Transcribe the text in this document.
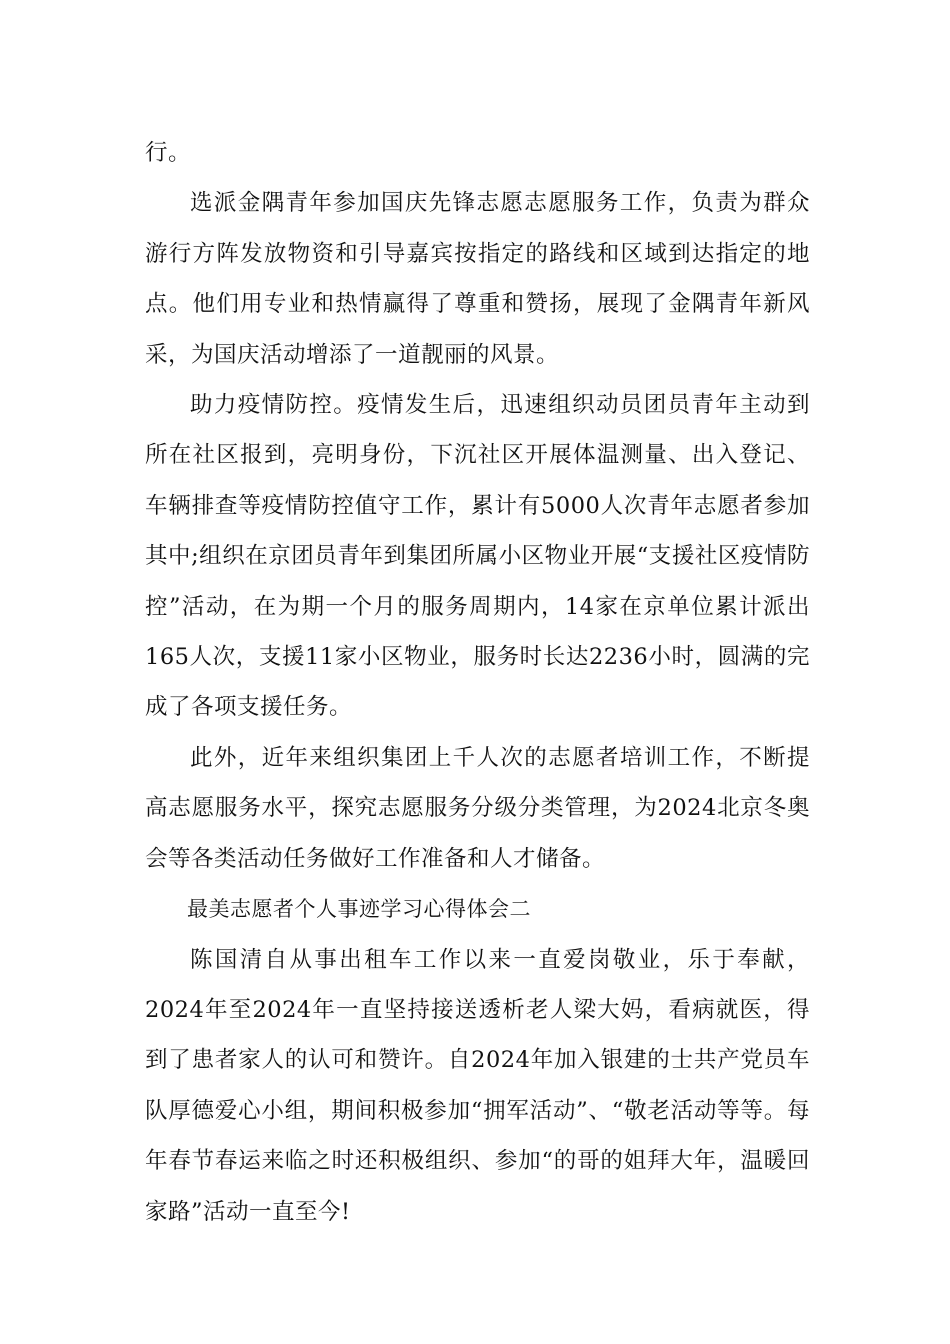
行。

选派金隅青年参加国庆先锋志愿志愿服务工作，负责为群众游行方阵发放物资和引导嘉宾按指定的路线和区域到达指定的地点。他们用专业和热情赢得了尊重和赞扬，展现了金隅青年新风采，为国庆活动增添了一道靓丽的风景。

助力疫情防控。疫情发生后，迅速组织动员团员青年主动到所在社区报到，亮明身份，下沉社区开展体温测量、出入登记、车辆排查等疫情防控值守工作，累计有5000人次青年志愿者参加其中;组织在京团员青年到集团所属小区物业开展“支援社区疫情防控”活动，在为期一个月的服务周期内，14家在京单位累计派出165人次，支援11家小区物业，服务时长达2236小时，圆满的完成了各项支援任务。

此外，近年来组织集团上千人次的志愿者培训工作，不断提高志愿服务水平，探究志愿服务分级分类管理，为2024北京冬奥会等各类活动任务做好工作准备和人才储备。

最美志愿者个人事迹学习心得体会二

陈国清自从事出租车工作以来一直爱岗敬业，乐于奉献，2024年至2024年一直坚持接送透析老人梁大妈，看病就医，得到了患者家人的认可和赞许。自2024年加入银建的士共产党员车队厚德爱心小组，期间积极参加“拥军活动”、“敬老活动等等。每年春节春运来临之时还积极组织、参加“的哥的姐拜大年，温暖回家路”活动一直至今!
